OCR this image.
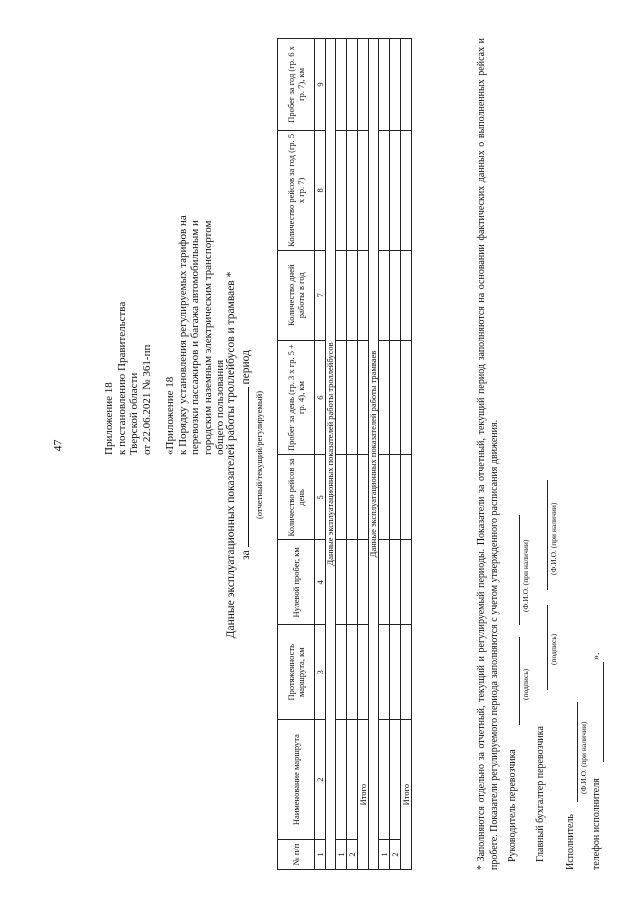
47	Приложение 18 к постановлению Правительства Тверской области от 22.06.2021 № 361-пп «Приложение 18 к Порядку установления регулируемых тарифов на перевозки пассажиров и багажа автомобильным и городским наземным электрическим транспортом общего пользования Данные эксплуатационных показателей работы троллейбусов и трамваев * за  период
(отчетный/текущий/регулируемый)
№ п/п	Наименование маршрута	Протяженность маршрута, км	Нулевой пробег, км	Количество рейсов за день	Пробег за день (гр. 3 x гр. 5 + гр. 4), км	Количество дней работы в год	Количество рейсов за год (гр. 5 x гр. 7)	Пробег за год (гр. 6 x гр. 7), км
1	2	3	4	5	6	7	8	9
Данные эксплуатационных показателей работы троллейбусов								
1								
2								
Итого								
Данные эксплуатационных показателей работы трамваев								
1								
2								
Итого									* Заполняются отдельно за отчетный, текущий и регулируемый периоды. Показатели за отчетный, текущий период заполняются на основании фактических данных о выполненных рейсах и пробеге. Показатели регулируемого периода заполняются с учетом утвержденного расписания движения. Руководитель перевозчика
(подпись)
(Ф.И.О. (при наличии)
Главный бухгалтер перевозчика
(подпись)
(Ф.И.О. (при наличии)
Исполнитель
(Ф.И.О. (при наличии)
телефон исполнителя
».
